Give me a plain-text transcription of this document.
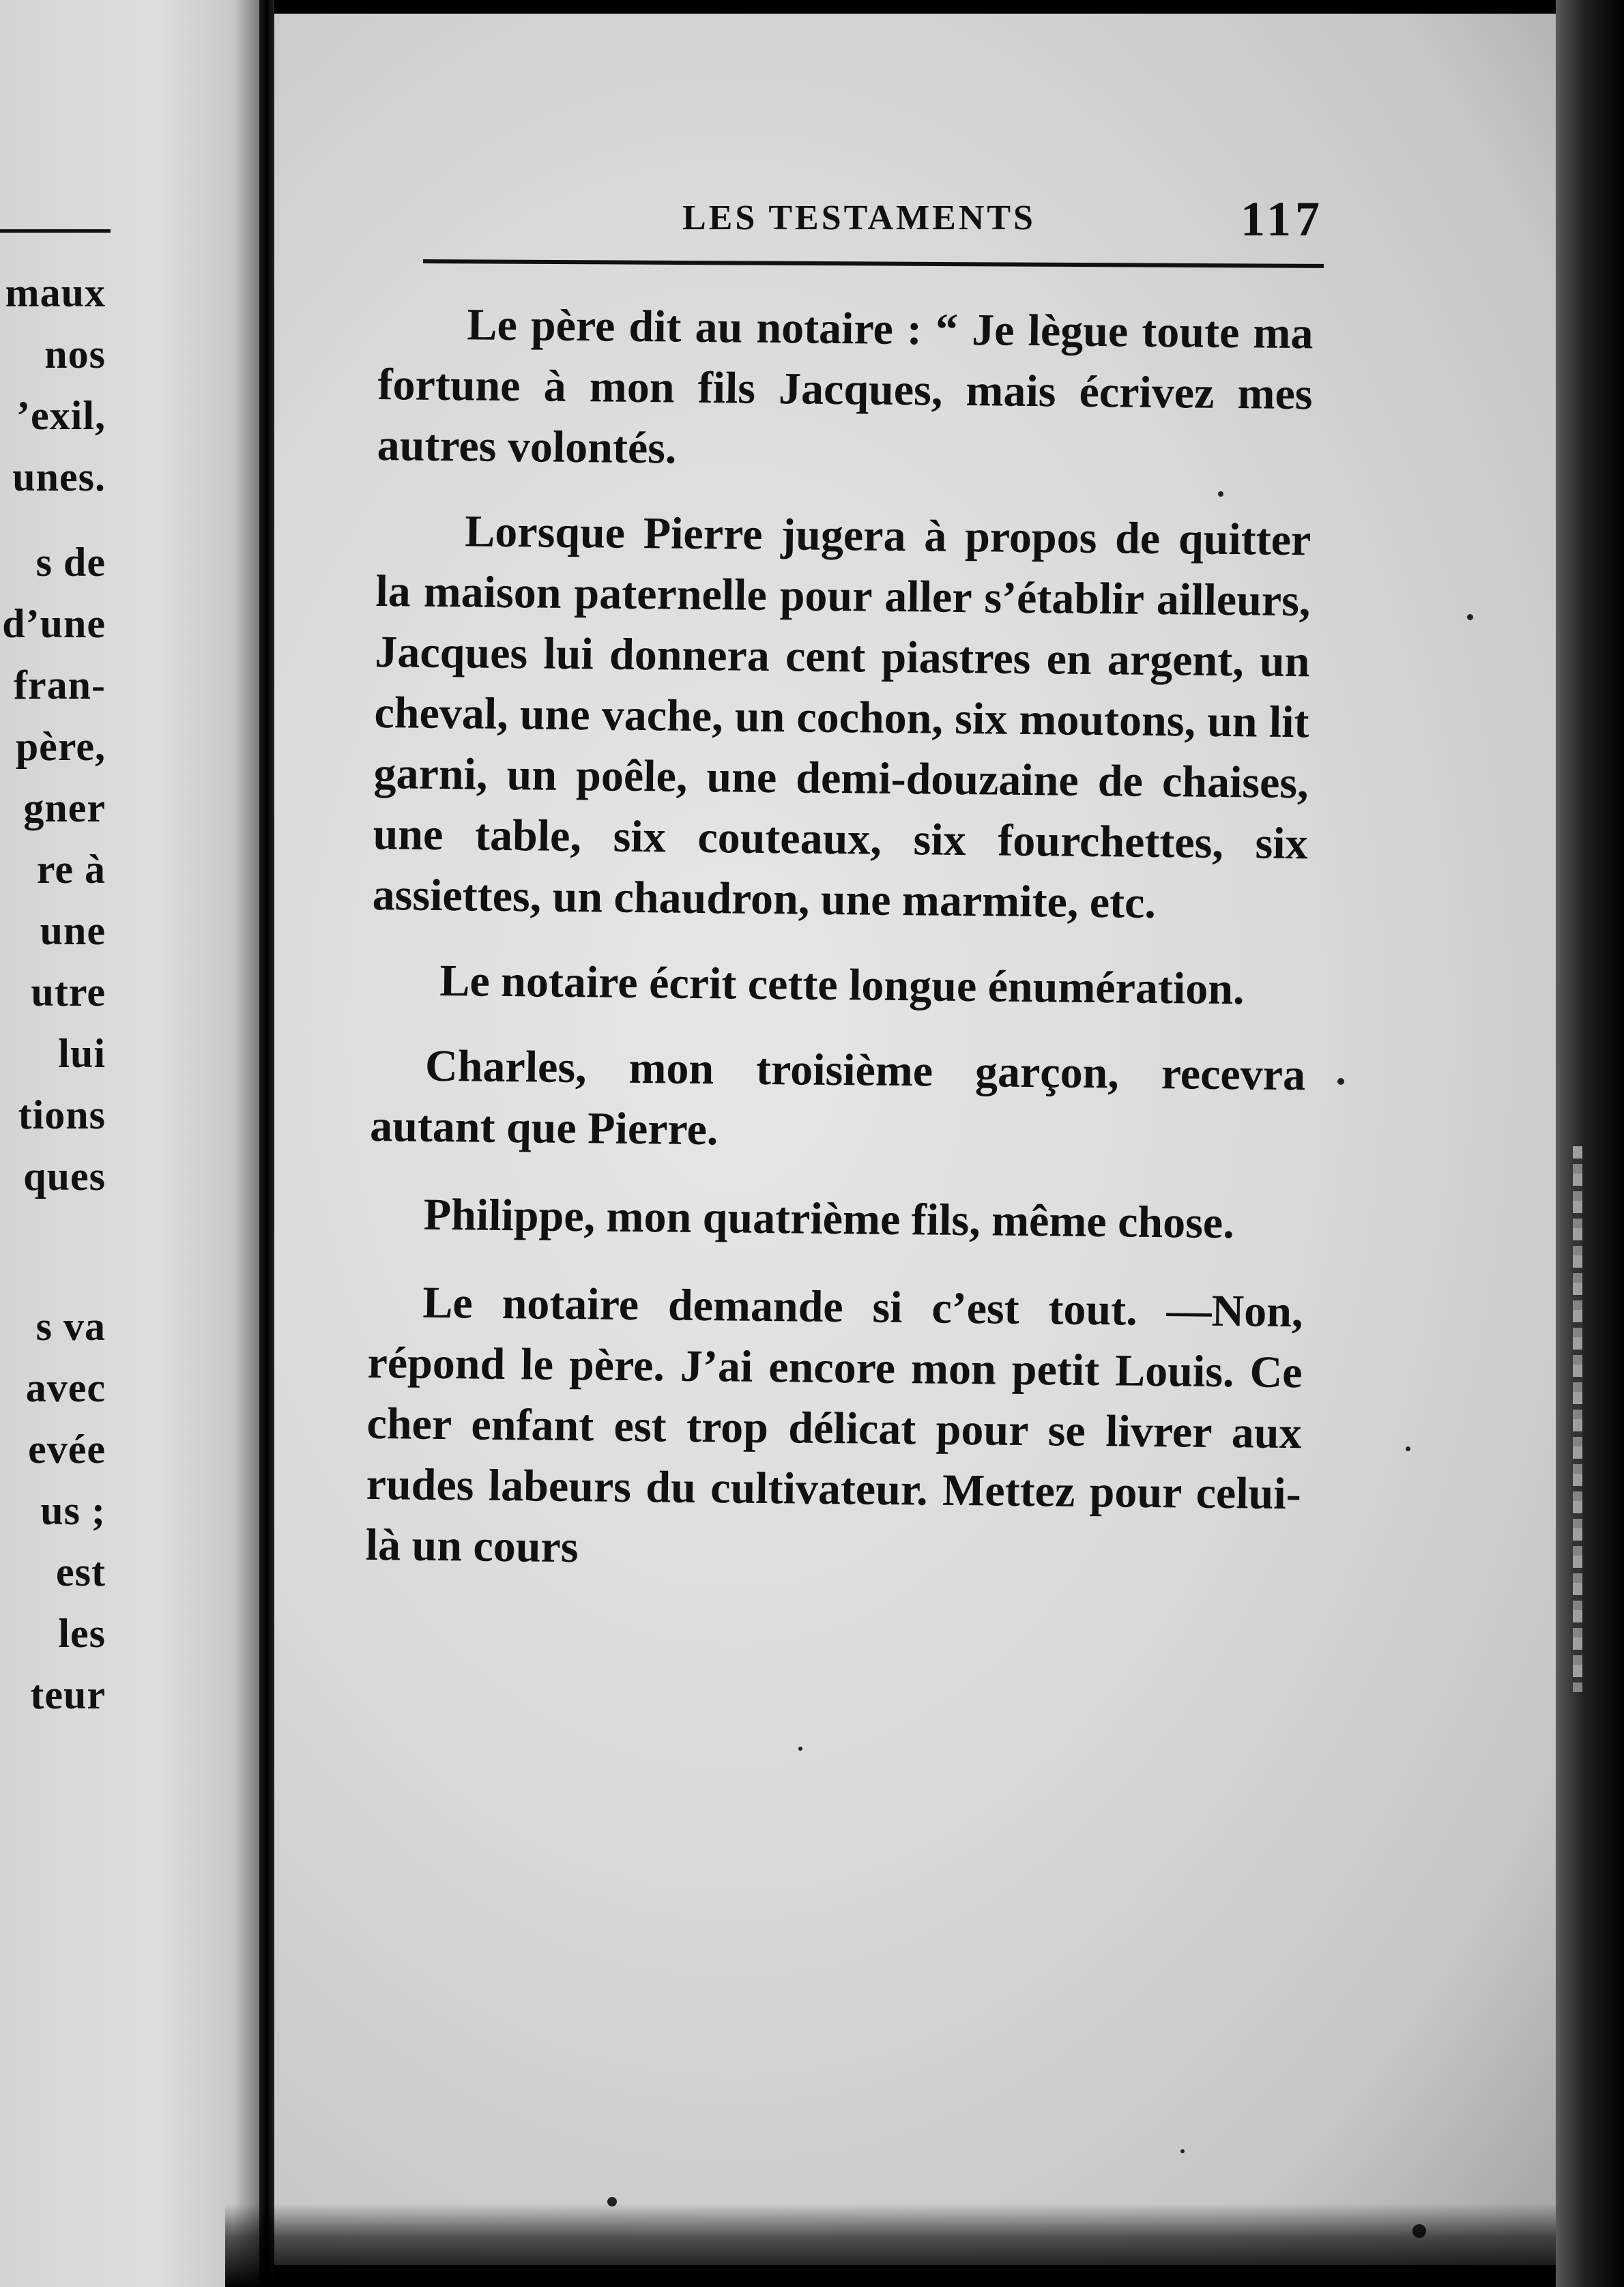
maux
nos
’exil,
unes.
s de
d’une
fran-
père,
gner
re à
une
utre
lui
tions
ques
s va
avec
evée
us ;
est
les
teur
LES TESTAMENTS	117

Le père dit au notaire : “ Je lègue toute ma fortune à mon fils Jacques, mais écrivez mes autres volontés.

Lorsque Pierre jugera à propos de quitter la maison paternelle pour aller s’établir ailleurs, Jacques lui donnera cent piastres en argent, un cheval, une vache, un cochon, six moutons, un lit garni, un poêle, une demi-douzaine de chaises, une table, six couteaux, six fourchettes, six assiettes, un chaudron, une marmite, etc.

Le notaire écrit cette longue énumération.

Charles, mon troisième garçon, recevra autant que Pierre.

Philippe, mon quatrième fils, même chose.

Le notaire demande si c’est tout. —Non, répond le père. J’ai encore mon petit Louis. Ce cher enfant est trop délicat pour se livrer aux rudes labeurs du cultivateur. Mettez pour celui-là un cours
